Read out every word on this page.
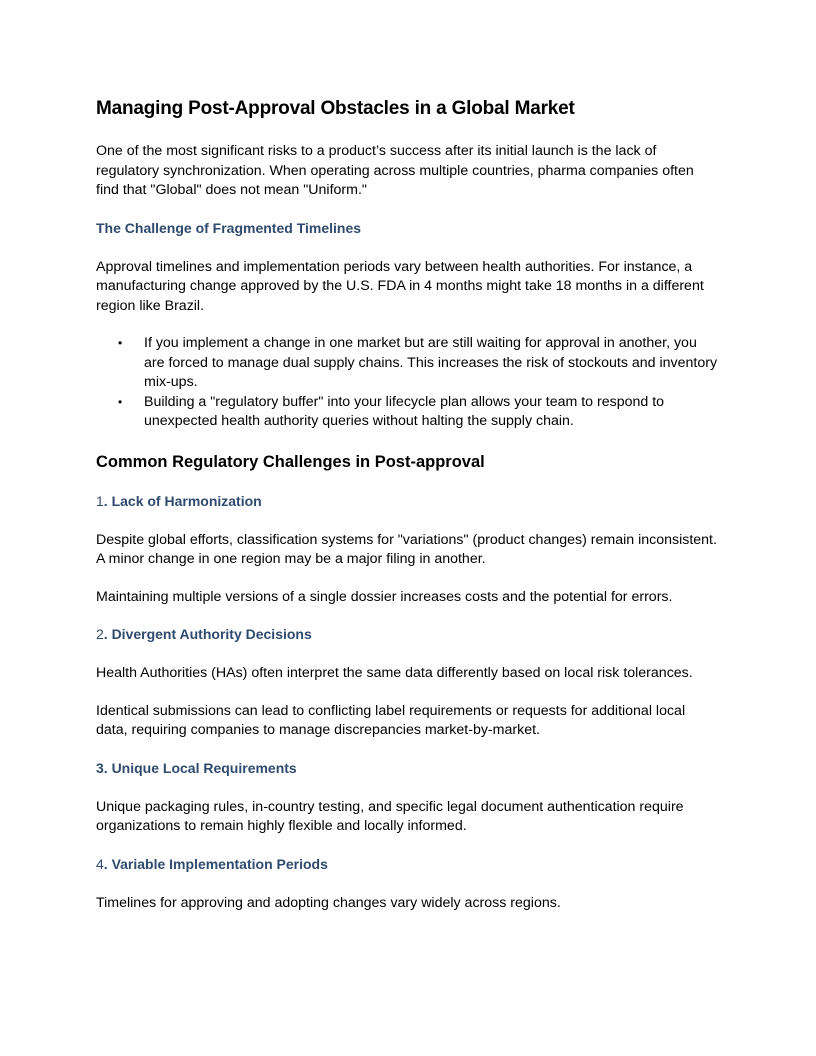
Managing Post-Approval Obstacles in a Global Market

One of the most significant risks to a product’s success after its initial launch is the lack of regulatory synchronization. When operating across multiple countries, pharma companies often find that "Global" does not mean "Uniform."

The Challenge of Fragmented Timelines

Approval timelines and implementation periods vary between health authorities. For instance, a manufacturing change approved by the U.S. FDA in 4 months might take 18 months in a different region like Brazil.

• If you implement a change in one market but are still waiting for approval in another, you are forced to manage dual supply chains. This increases the risk of stockouts and inventory mix-ups.
• Building a "regulatory buffer" into your lifecycle plan allows your team to respond to unexpected health authority queries without halting the supply chain.
Common Regulatory Challenges in Post-approval
1. Lack of Harmonization

Despite global efforts, classification systems for "variations" (product changes) remain inconsistent. A minor change in one region may be a major filing in another.

Maintaining multiple versions of a single dossier increases costs and the potential for errors.

2. Divergent Authority Decisions

Health Authorities (HAs) often interpret the same data differently based on local risk tolerances.

Identical submissions can lead to conflicting label requirements or requests for additional local data, requiring companies to manage discrepancies market-by-market.

3. Unique Local Requirements

Unique packaging rules, in-country testing, and specific legal document authentication require organizations to remain highly flexible and locally informed.

4. Variable Implementation Periods

Timelines for approving and adopting changes vary widely across regions.
